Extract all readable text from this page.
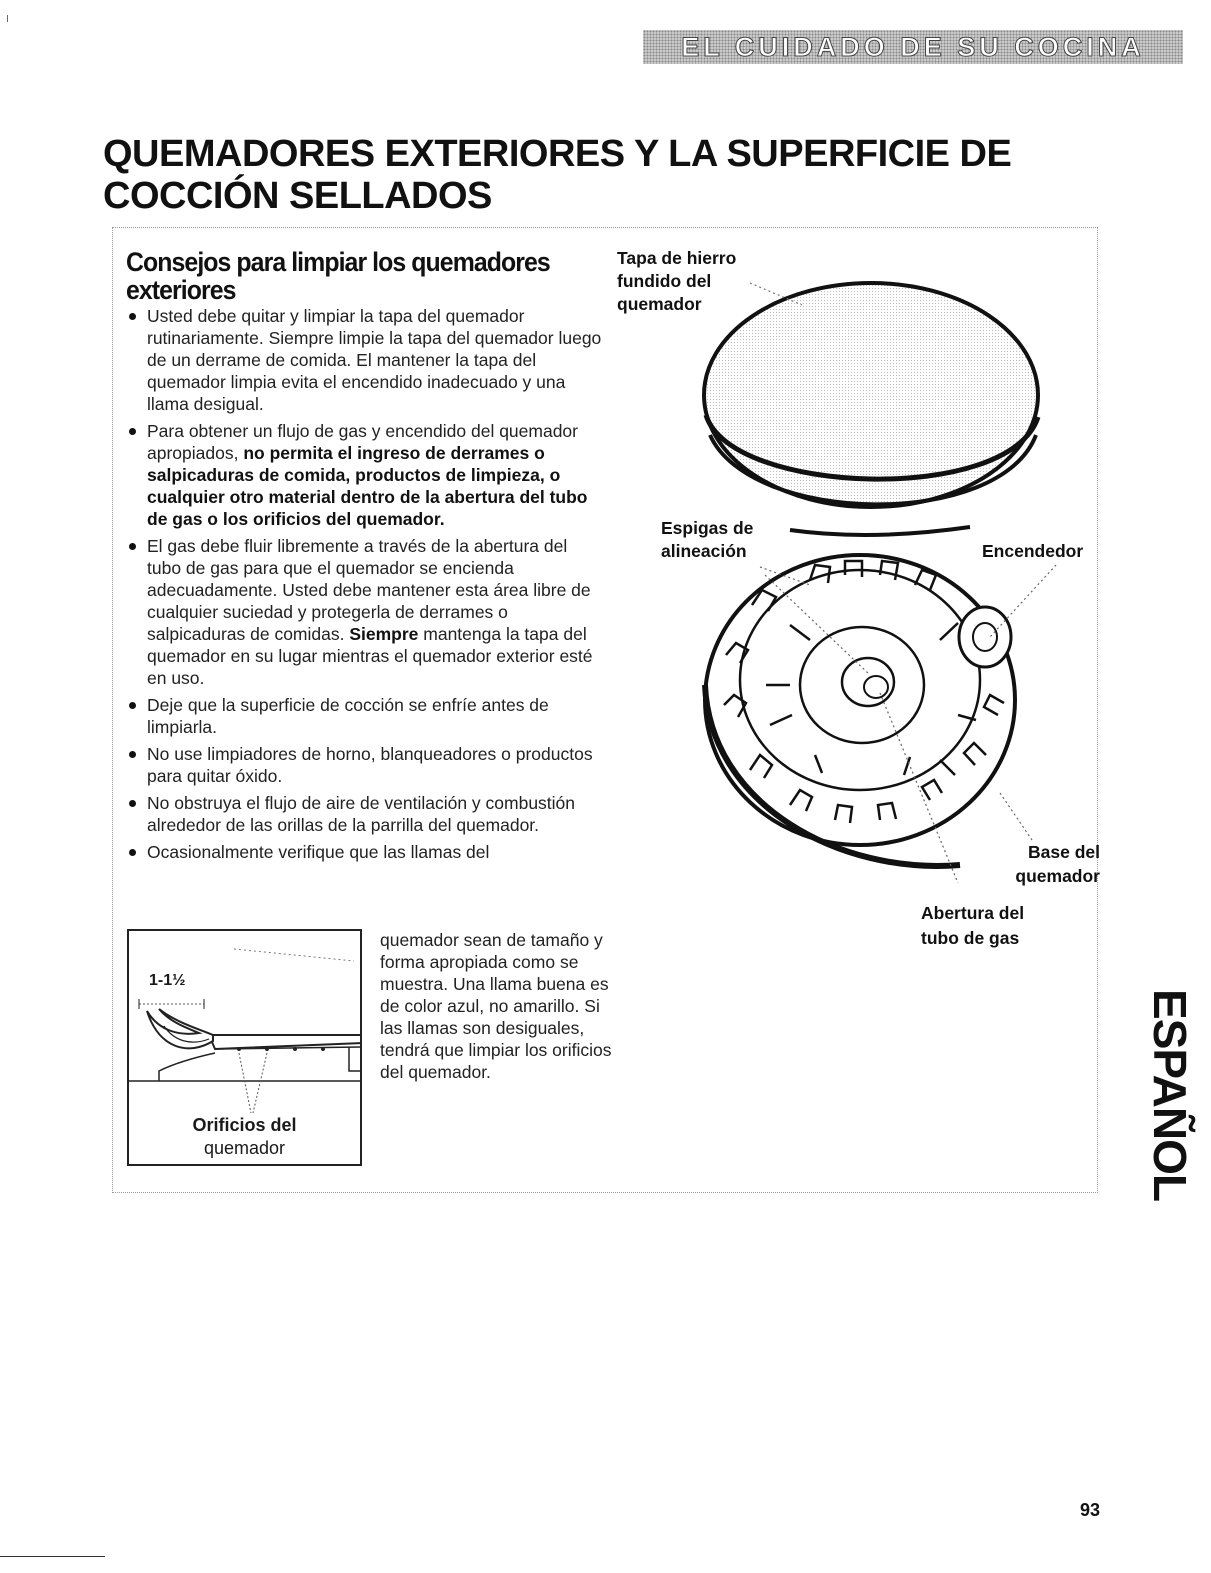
EL CUIDADO DE SU COCINA
QUEMADORES EXTERIORES Y LA SUPERFICIE DE
COCCIÓN SELLADOS
Consejos para limpiar los quemadores exteriores
Usted debe quitar y limpiar la tapa del quemador rutinariamente. Siempre limpie la tapa del quemador luego de un derrame de comida. El mantener la tapa del quemador limpia evita el encendido inadecuado y una llama desigual.
Para obtener un flujo de gas y encendido del quemador apropiados, no permita el ingreso de derrames o salpicaduras de comida, productos de limpieza, o cualquier otro material dentro de la abertura del tubo de gas o los orificios del quemador.
El gas debe fluir libremente a través de la abertura del tubo de gas para que el quemador se encienda adecuadamente. Usted debe mantener esta área libre de cualquier suciedad y protegerla de derrames o salpicaduras de comidas. Siempre mantenga la tapa del quemador en su lugar mientras el quemador exterior esté en uso.
Deje que la superficie de cocción se enfríe antes de limpiarla.
No use limpiadores de horno, blanqueadores o productos para quitar óxido.
No obstruya el flujo de aire de ventilación y combustión alrededor de las orillas de la parrilla del quemador.
Ocasionalmente verifique que las llamas del
quemador sean de tamaño y forma apropiada como se muestra. Una llama buena es de color azul, no amarillo. Si las llamas son desiguales, tendrá que limpiar los orificios del quemador.
1-1½
Orificios del
quemador
Tapa de hierro fundido del quemador
Espigas de alineación	Encendedor
Base del quemador
Abertura del tubo de gas
ESPAÑOL
93
